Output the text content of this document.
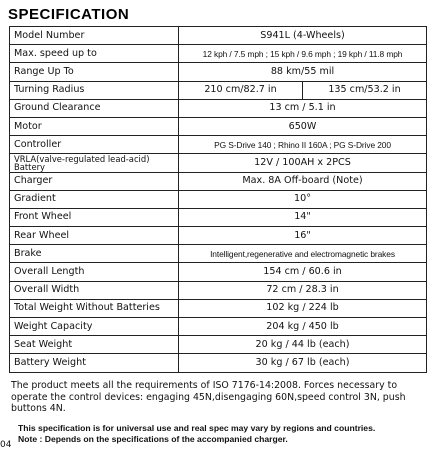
SPECIFICATION
Model Number	S941L (4-Wheels)	
Max. speed up to	12 kph / 7.5 mph ; 15 kph / 9.6 mph ; 19 kph / 11.8 mph	
Range Up To	88 km/55 mil	
Turning Radius	210 cm/82.7 in	135 cm/53.2 in
Ground Clearance	13 cm / 5.1 in	
Motor	650W	
Controller	PG S-Drive 140 ; Rhino II 160A ; PG S-Drive 200	
VRLA(valve-regulated lead-acid) Battery	12V / 100AH x 2PCS	
Charger	Max. 8A Off-board (Note)	
Gradient	10°	
Front Wheel	14"	
Rear Wheel	16"	
Brake	Intelligent,regenerative and electromagnetic brakes	
Overall Length	154 cm / 60.6 in	
Overall Width	72 cm / 28.3 in	
Total Weight Without Batteries	102 kg / 224 lb	
Weight Capacity	204 kg / 450 lb	
Seat Weight	20 kg / 44 lb (each)	
Battery Weight	30 kg / 67 lb (each)	
The product meets all the requirements of ISO 7176-14:2008. Forces necessary to operate the control devices: engaging 45N,disengaging 60N,speed control 3N, push buttons 4N.
This specification is for universal use and real spec may vary by regions and countries.
Note : Depends on the specifications of the accompanied charger.
04
